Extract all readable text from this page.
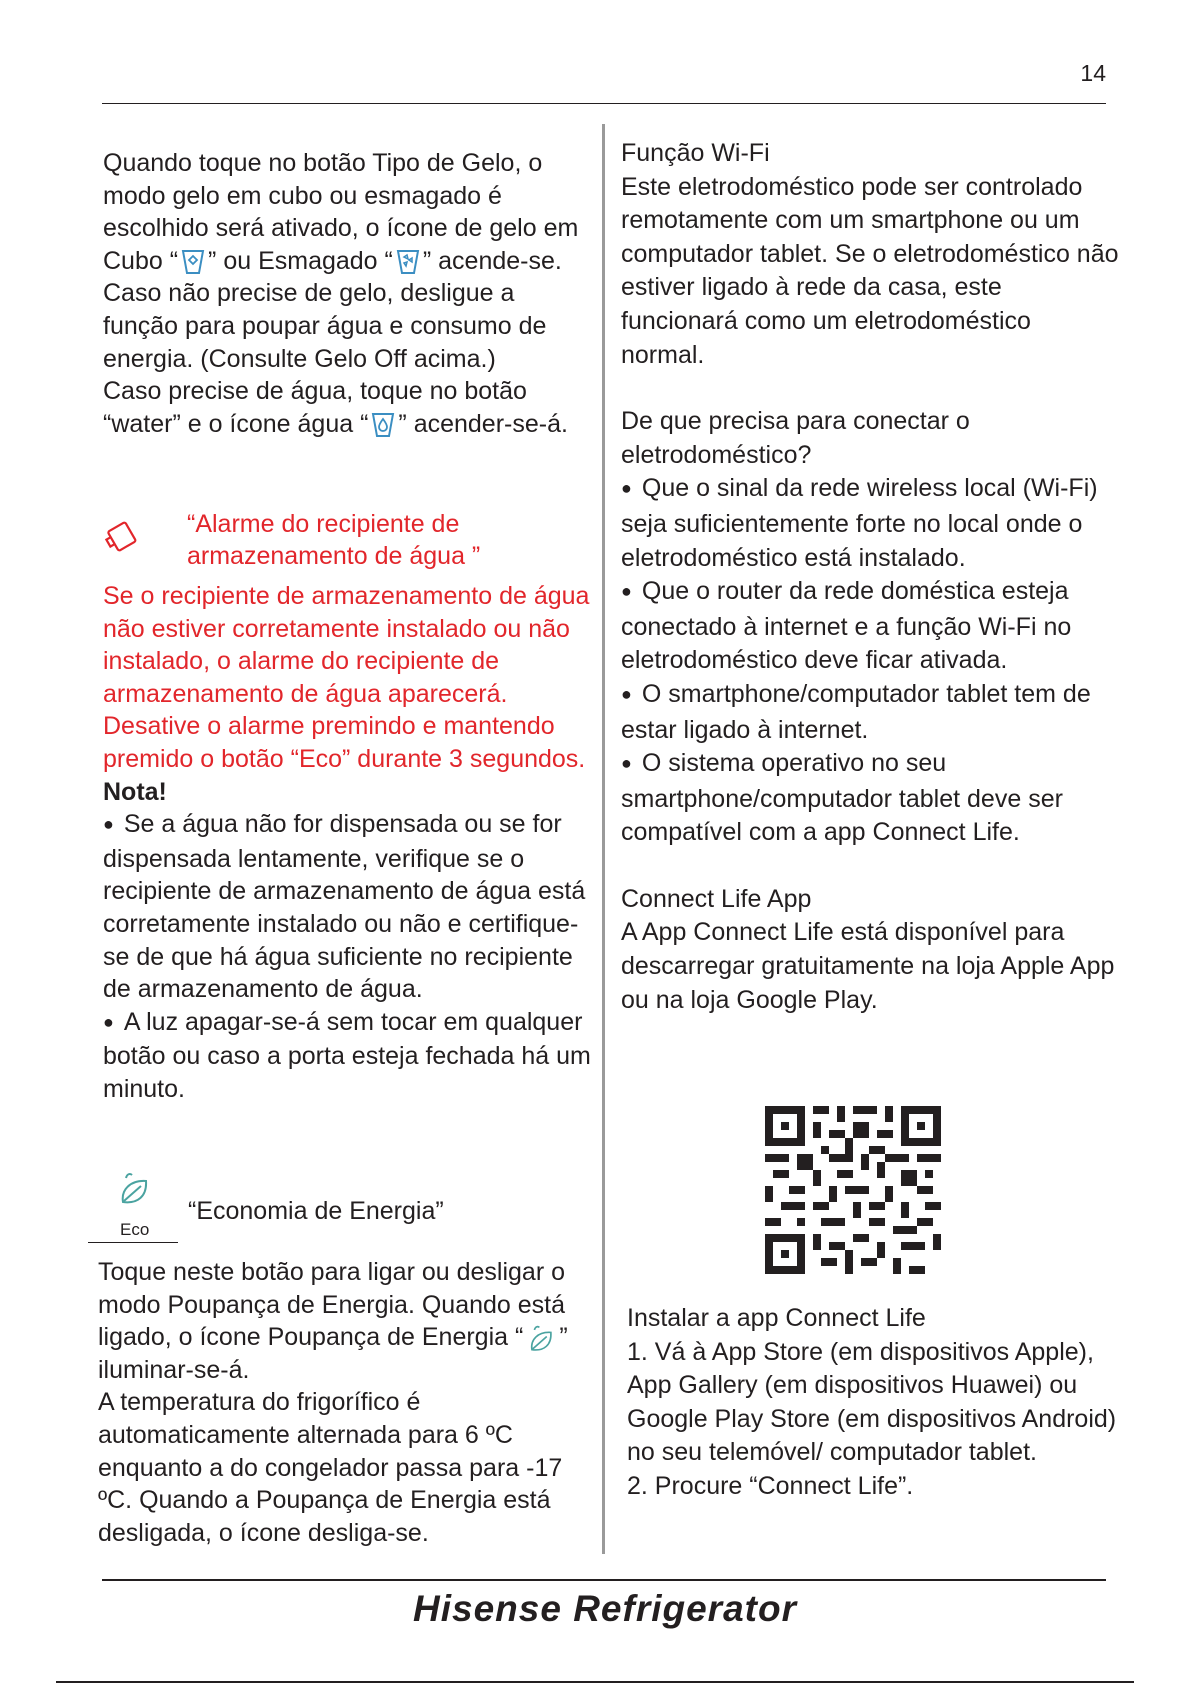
14

Quando toque no botão Tipo de Gelo, o modo gelo em cubo ou esmagado é escolhido será ativado, o ícone de gelo em Cubo “ ” ou Esmagado “ ” acende-se.

Caso não precise de gelo, desligue a função para poupar água e consumo de energia. (Consulte Gelo Off acima.)

Caso precise de água, toque no botão “water” e o ícone água “ ” acender-se-á.

“Alarme do recipiente de
armazenamento de água ”

Se o recipiente de armazenamento de água não estiver corretamente instalado ou não instalado, o alarme do recipiente de armazenamento de água aparecerá. Desative o alarme premindo e mantendo premido o botão “Eco” durante 3 segundos.

Nota!

● Se a água não for dispensada ou se for dispensada lentamente, verifique se o recipiente de armazenamento de água está corretamente instalado ou não e certifique-se de que há água suficiente no recipiente de armazenamento de água.

● A luz apagar-se-á sem tocar em qualquer botão ou caso a porta esteja fechada há um minuto.

Eco
“Economia de Energia”

Toque neste botão para ligar ou desligar o modo Poupança de Energia. Quando está ligado, o ícone Poupança de Energia “ ” iluminar-se-á.

A temperatura do frigorífico é automaticamente alternada para 6 ºC enquanto a do congelador passa para -17 ºC. Quando a Poupança de Energia está desligada, o ícone desliga-se.

Função Wi-Fi

Este eletrodoméstico pode ser controlado remotamente com um smartphone ou um computador tablet. Se o eletrodoméstico não estiver ligado à rede da casa, este funcionará como um eletrodoméstico normal.

De que precisa para conectar o eletrodoméstico?

● Que o sinal da rede wireless local (Wi-Fi) seja suficientemente forte no local onde o eletrodoméstico está instalado.

● Que o router da rede doméstica esteja conectado à internet e a função Wi-Fi no eletrodoméstico deve ficar ativada.

● O smartphone/computador tablet tem de estar ligado à internet.

● O sistema operativo no seu smartphone/computador tablet deve ser compatível com a app Connect Life.

Connect Life App

A App Connect Life está disponível para descarregar gratuitamente na loja Apple App ou na loja Google Play.

Instalar a app Connect Life

1. Vá à App Store (em dispositivos Apple), App Gallery (em dispositivos Huawei) ou Google Play Store (em dispositivos Android) no seu telemóvel/ computador tablet.

2. Procure “Connect Life”.

Hisense Refrigerator
